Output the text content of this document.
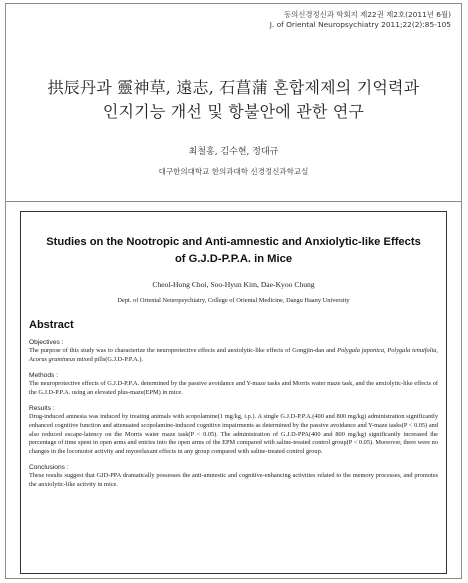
동의신경정신과 학회지 제22권 제2호(2011년 6월)
J. of Oriental Neuropsychiatry 2011;22(2):85-105
拱辰丹과 靈神草, 遠志, 石菖蒲 혼합제제의 기억력과
인지기능 개선 및 항불안에 관한 연구
최철홍, 김수현, 정대규
대구한의대학교 한의과대학 신경정신과학교실
Studies on the Nootropic and Anti-amnestic and Anxiolytic-like Effects
of G.J.D-P.P.A. in Mice
Cheol-Hong Choi, Soo-Hyun Kim, Dae-Kyoo Chung
Dept. of Oriental Neuropsychiatry, College of Oriental Medicine, Daegu Haany University
Abstract
Objectives :
The purpose of this study was to characterize the neuroprotective effects and anxiolytic-like effects of Gongjin-dan and Polygala japonica, Polygala tenuifolia, Acorus gramineus mixed pills(G.J.D-P.P.A.).
Methods :
The neuroprotective effects of G.J.D-P.P.A. determined by the passive avoidance and Y-maze tasks and Morris water maze task, and the anxiolytic-like effects of the G.J.D-P.P.A. using an elevated plus-maze(EPM) in mice.
Results :
Drug-induced amnesia was induced by treating animals with scopolamine(1 mg/kg, i.p.). A single G.J.D-P.P.A.(400 and 800 mg/kg) administration significantly enhanced cognitive function and attenuated scopolamine-induced cognitive impairments as determined by the passive avoidance and Y-maze tasks(P < 0.05) and also reduced escape-latency on the Morris water maze task(P < 0.05). The administration of G.J.D-PPA(400 and 800 mg/kg) significantly increased the percentage of time spent in open arms and entries into the open arms of the EPM compared with saline-treated control group(P < 0.05). Moreover, there were no changes in the locomotor activity and myorelaxant effects in any group compared with saline-treated control group.
Conclusions :
These results suggest that GJD-PPA dramatically possesses the anti-amnestic and cognitive-enhancing activities related to the memory processes, and promotes the anxiolytic-like activity in mice.
